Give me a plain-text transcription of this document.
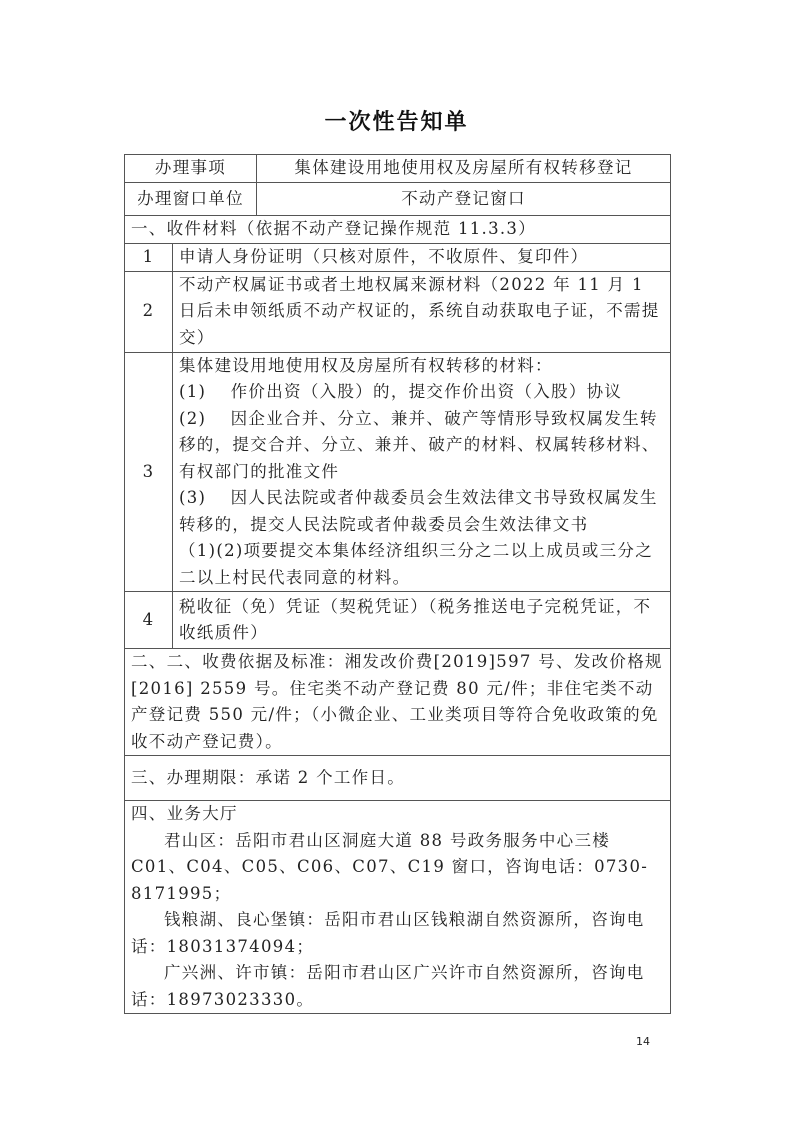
一次性告知单
办理事项		集体建设用地使用权及房屋所有权转移登记
办理窗口单位		不动产登记窗口
一、收件材料（依据不动产登记操作规范 11.3.3）		
1	申请人身份证明（只核对原件，不收原件、复印件）	
2	不动产权属证书或者土地权属来源材料（2022 年 11 月 1 日后未申领纸质不动产权证的，系统自动获取电子证，不需提交）	
3	集体建设用地使用权及房屋所有权转移的材料：

(1)　 作价出资（入股）的，提交作价出资（入股）协议

(2)　 因企业合并、分立、兼并、破产等情形导致权属发生转移的，提交合并、分立、兼并、破产的材料、权属转移材料、有权部门的批准文件

(3)　 因人民法院或者仲裁委员会生效法律文书导致权属发生转移的，提交人民法院或者仲裁委员会生效法律文书

（1)(2)项要提交本集体经济组织三分之二以上成员或三分之二以上村民代表同意的材料。	

4	税收征（免）凭证（契税凭证）（税务推送电子完税凭证，不收纸质件）	
二、二、收费依据及标准：湘发改价费[2019]597 号、发改价格规[2016] 2559 号。住宅类不动产登记费 80 元/件；非住宅类不动产登记费 550 元/件；（小微企业、工业类项目等符合免收政策的免收不动产登记费）。		
三、办理期限：承诺 2 个工作日。		

四、业务大厅

君山区：岳阳市君山区洞庭大道 88 号政务服务中心三楼 C01、C04、C05、C06、C07、C19 窗口，咨询电话：0730-8171995；

钱粮湖、良心堡镇：岳阳市君山区钱粮湖自然资源所，咨询电话：18031374094；

广兴洲、许市镇：岳阳市君山区广兴许市自然资源所，咨询电话：18973023330。		

14
